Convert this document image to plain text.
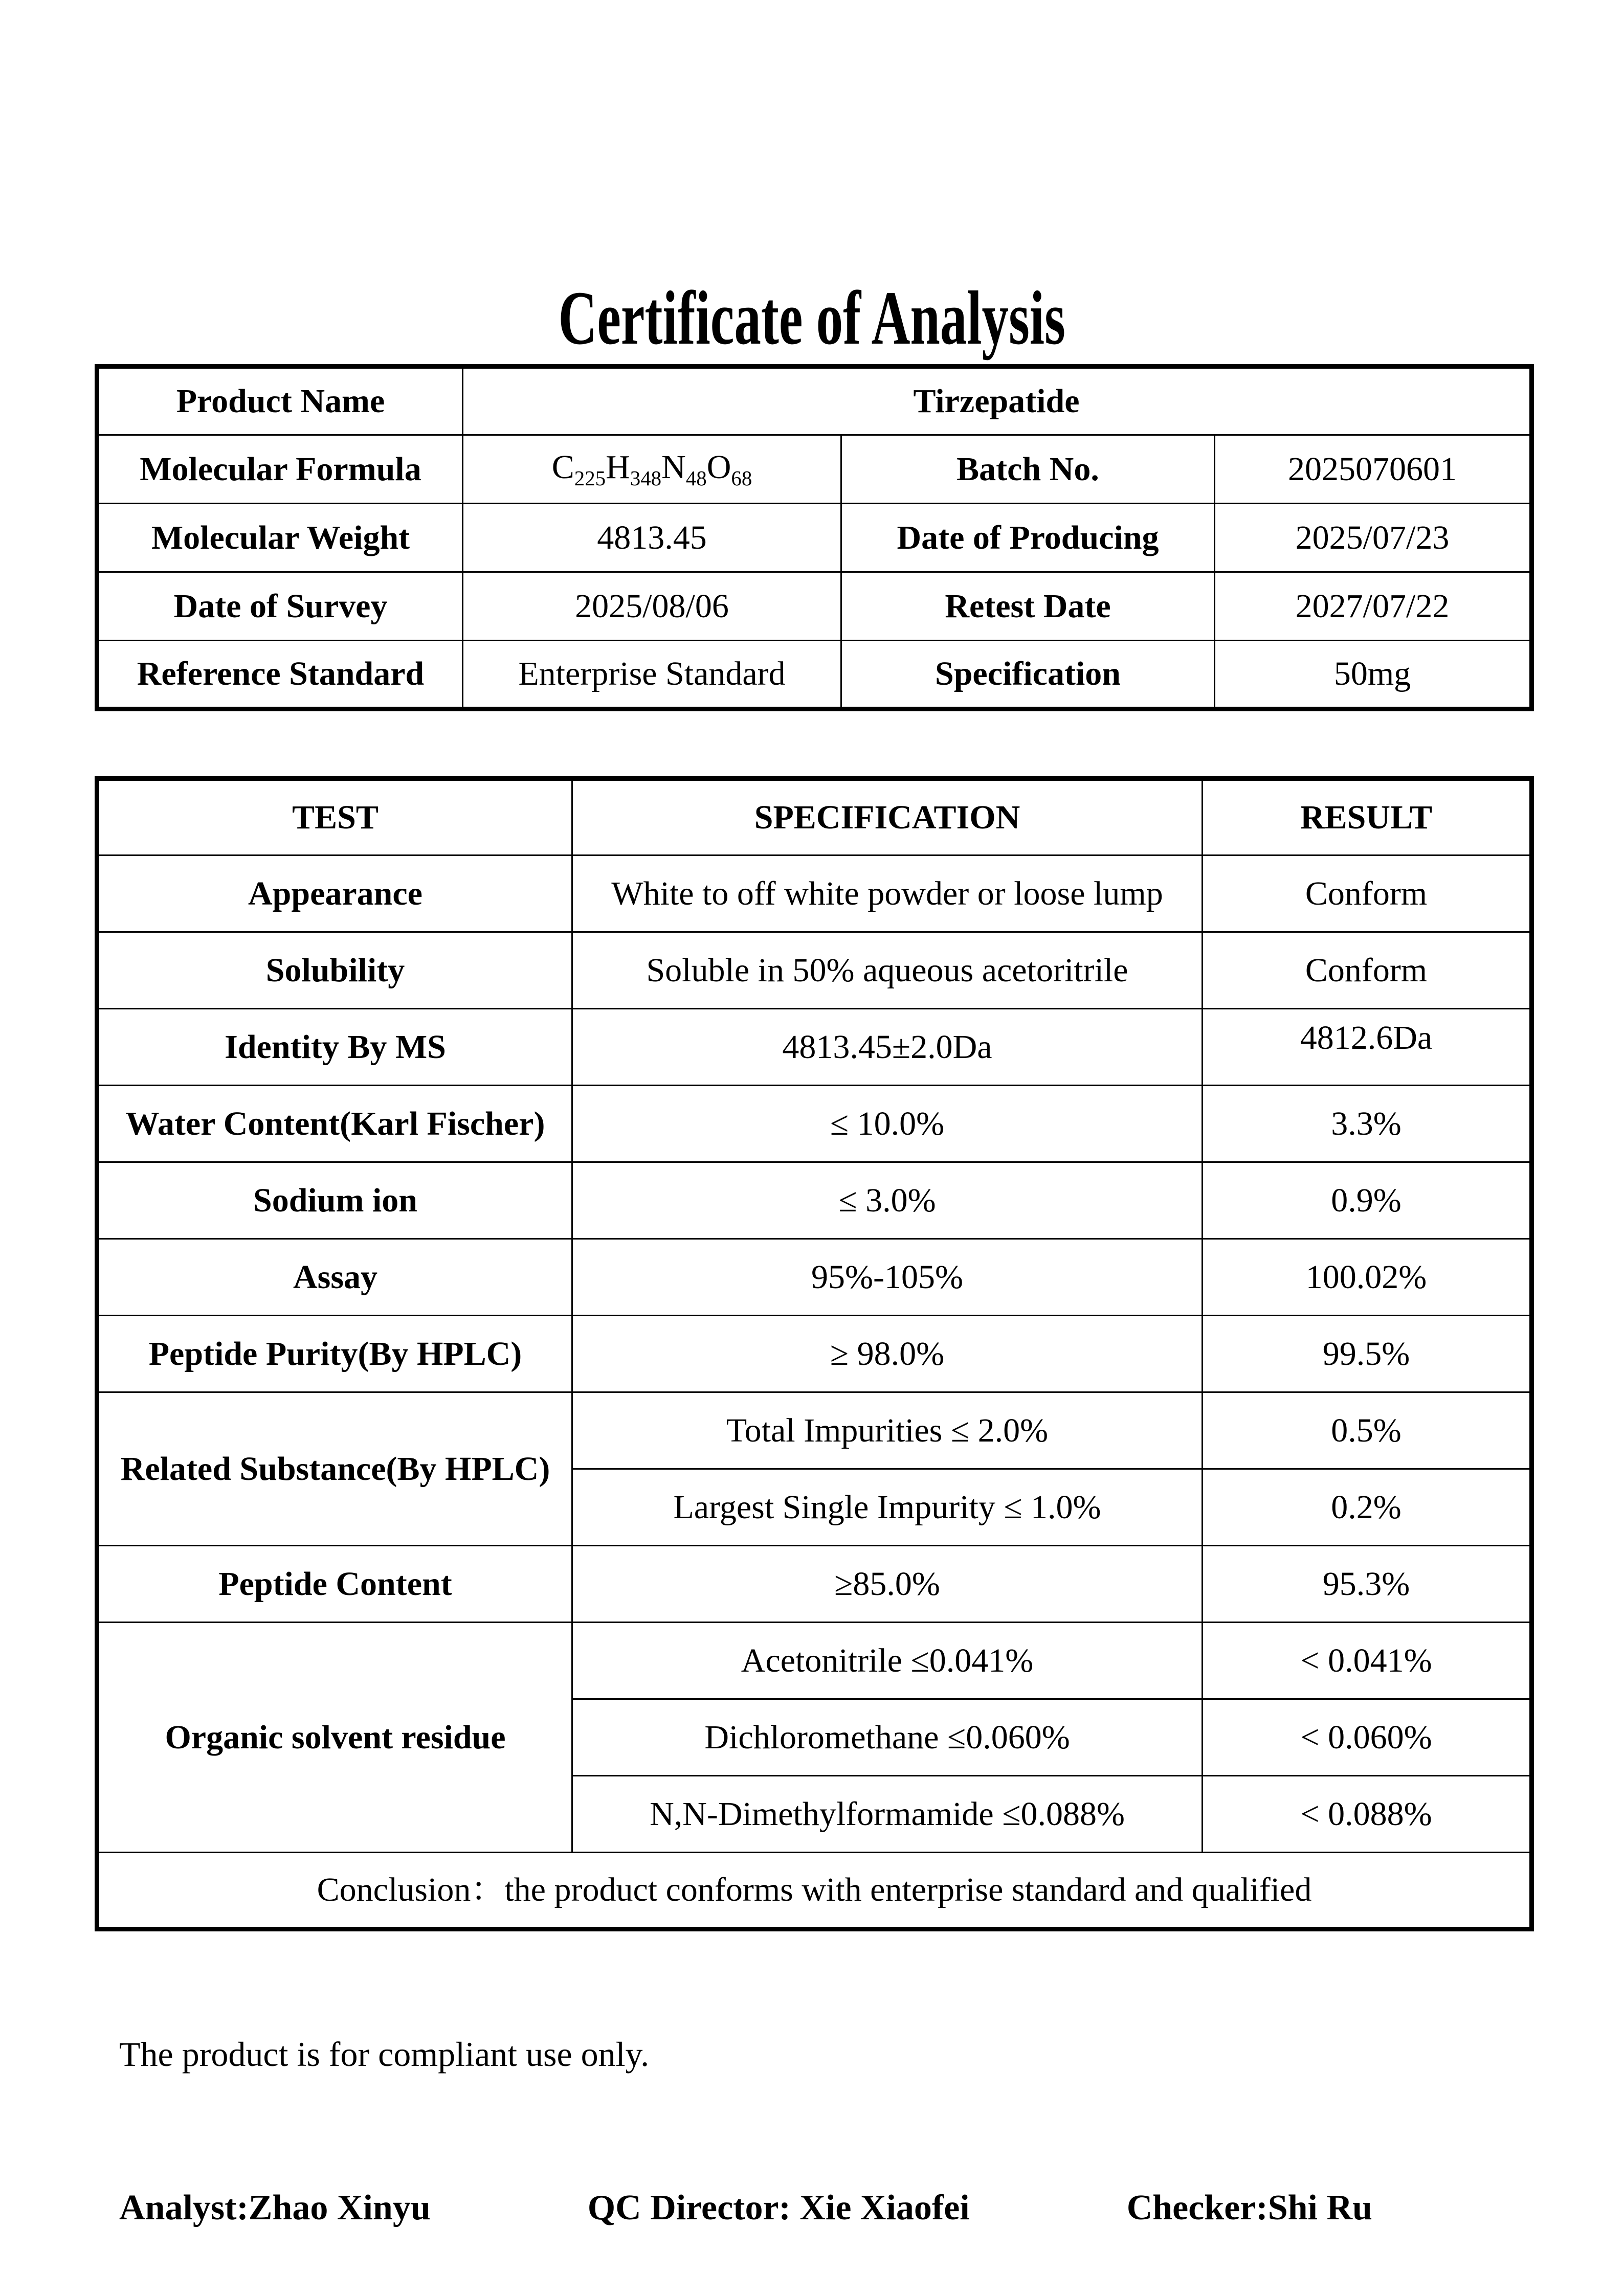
Certificate of Analysis
Product Name	Tirzepatide		
Molecular Formula	$C_{225}H_{348}N_{48}O_{68}$	Batch No.	2025070601
Molecular Weight	4813.45	Date of Producing	2025/07/23
Date of Survey	2025/08/06	Retest Date	2027/07/22
Reference Standard	Enterprise Standard	Specification	50mg
TEST	SPECIFICATION	RESULT
Appearance	White to off white powder or loose lump	Conform
Solubility	Soluble in 50% aqueous acetoritrile	Conform
Identity By MS	4813.45±2.0Da	4812.6Da
Water Content(Karl Fischer)	≤ 10.0%	3.3%
Sodium ion	≤ 3.0%	0.9%
Assay	95%-105%	100.02%
Peptide Purity(By HPLC)	≥ 98.0%	99.5%
Related Substance(By HPLC)	Total Impurities ≤ 2.0%	0.5%
	Largest Single Impurity ≤ 1.0%	0.2%
Peptide Content	≥85.0%	95.3%
Organic solvent residue	Acetonitrile ≤0.041%	< 0.041%
	Dichloromethane ≤0.060%	< 0.060%
	N,N-Dimethylformamide ≤0.088%	< 0.088%
Conclusion：the product conforms with enterprise standard and qualified		
The product is for compliant use only.
Analyst:Zhao Xinyu	QC Director: Xie Xiaofei	Checker:Shi Ru
